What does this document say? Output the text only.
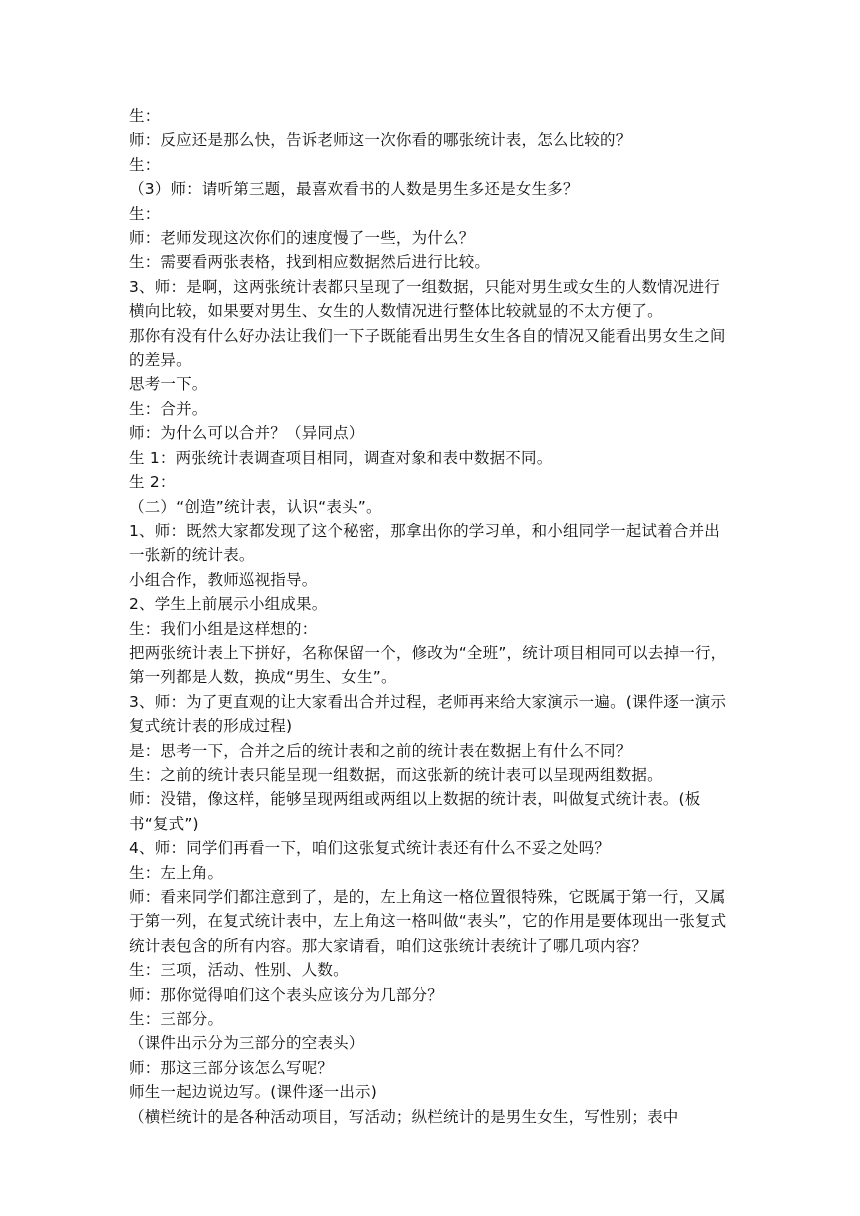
生：

师：反应还是那么快，告诉老师这一次你看的哪张统计表，怎么比较的？

生：

（3）师：请听第三题，最喜欢看书的人数是男生多还是女生多？

生：

师：老师发现这次你们的速度慢了一些，为什么？

生：需要看两张表格，找到相应数据然后进行比较。

3、师：是啊，这两张统计表都只呈现了一组数据，只能对男生或女生的人数情况进行横向比较，如果要对男生、女生的人数情况进行整体比较就显的不太方便了。

那你有没有什么好办法让我们一下子既能看出男生女生各自的情况又能看出男女生之间的差异。

思考一下。

生：合并。

师：为什么可以合并？（异同点）

生 1：两张统计表调查项目相同，调查对象和表中数据不同。

生 2：

（二）“创造”统计表，认识“表头”。

1、师：既然大家都发现了这个秘密，那拿出你的学习单，和小组同学一起试着合并出一张新的统计表。

小组合作，教师巡视指导。

2、学生上前展示小组成果。

生：我们小组是这样想的：

把两张统计表上下拼好，名称保留一个，修改为“全班”，统计项目相同可以去掉一行，第一列都是人数，换成“男生、女生”。

3、师：为了更直观的让大家看出合并过程，老师再来给大家演示一遍。(课件逐一演示复式统计表的形成过程)

是：思考一下，合并之后的统计表和之前的统计表在数据上有什么不同？

生：之前的统计表只能呈现一组数据，而这张新的统计表可以呈现两组数据。

师：没错，像这样，能够呈现两组或两组以上数据的统计表，叫做复式统计表。(板书“复式”)

4、师：同学们再看一下，咱们这张复式统计表还有什么不妥之处吗？

生：左上角。

师：看来同学们都注意到了，是的，左上角这一格位置很特殊，它既属于第一行，又属于第一列，在复式统计表中，左上角这一格叫做“表头”，它的作用是要体现出一张复式统计表包含的所有内容。那大家请看，咱们这张统计表统计了哪几项内容？

生：三项，活动、性别、人数。

师：那你觉得咱们这个表头应该分为几部分？

生：三部分。

（课件出示分为三部分的空表头）

师：那这三部分该怎么写呢？

师生一起边说边写。(课件逐一出示)

（横栏统计的是各种活动项目，写活动；纵栏统计的是男生女生，写性别；表中
